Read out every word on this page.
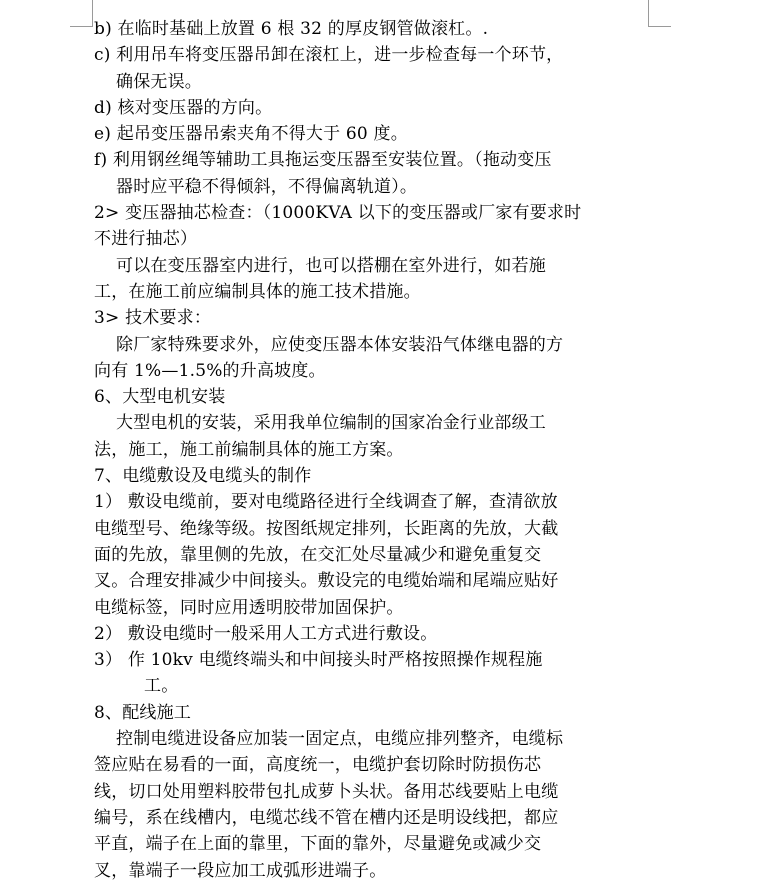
b) 在临时基础上放置 6 根 32 的厚皮钢管做滚杠。.
c) 利用吊车将变压器吊卸在滚杠上，进一步检查每一个环节，
确保无误。
d) 核对变压器的方向。
e) 起吊变压器吊索夹角不得大于 60 度。
f) 利用钢丝绳等辅助工具拖运变压器至安装位置。（拖动变压
器时应平稳不得倾斜，不得偏离轨道）。
2> 变压器抽芯检查：（1000KVA 以下的变压器或厂家有要求时
不进行抽芯）
可以在变压器室内进行，也可以搭棚在室外进行，如若施
工，在施工前应编制具体的施工技术措施。
3> 技术要求：
除厂家特殊要求外，应使变压器本体安装沿气体继电器的方
向有 1%—1.5%的升高坡度。
6、大型电机安装
大型电机的安装，采用我单位编制的国家冶金行业部级工
法，施工，施工前编制具体的施工方案。
7、电缆敷设及电缆头的制作
1） 敷设电缆前，要对电缆路径进行全线调查了解，查清欲放
电缆型号、绝缘等级。按图纸规定排列，长距离的先放，大截
面的先放，靠里侧的先放，在交汇处尽量减少和避免重复交
叉。合理安排减少中间接头。敷设完的电缆始端和尾端应贴好
电缆标签，同时应用透明胶带加固保护。
2） 敷设电缆时一般采用人工方式进行敷设。
3） 作 10kv 电缆终端头和中间接头时严格按照操作规程施
工。
8、配线施工
控制电缆进设备应加装一固定点，电缆应排列整齐，电缆标
签应贴在易看的一面，高度统一，电缆护套切除时防损伤芯
线，切口处用塑料胶带包扎成萝卜头状。备用芯线要贴上电缆
编号，系在线槽内，电缆芯线不管在槽内还是明设线把，都应
平直，端子在上面的靠里，下面的靠外，尽量避免或减少交
叉，靠端子一段应加工成弧形进端子。
